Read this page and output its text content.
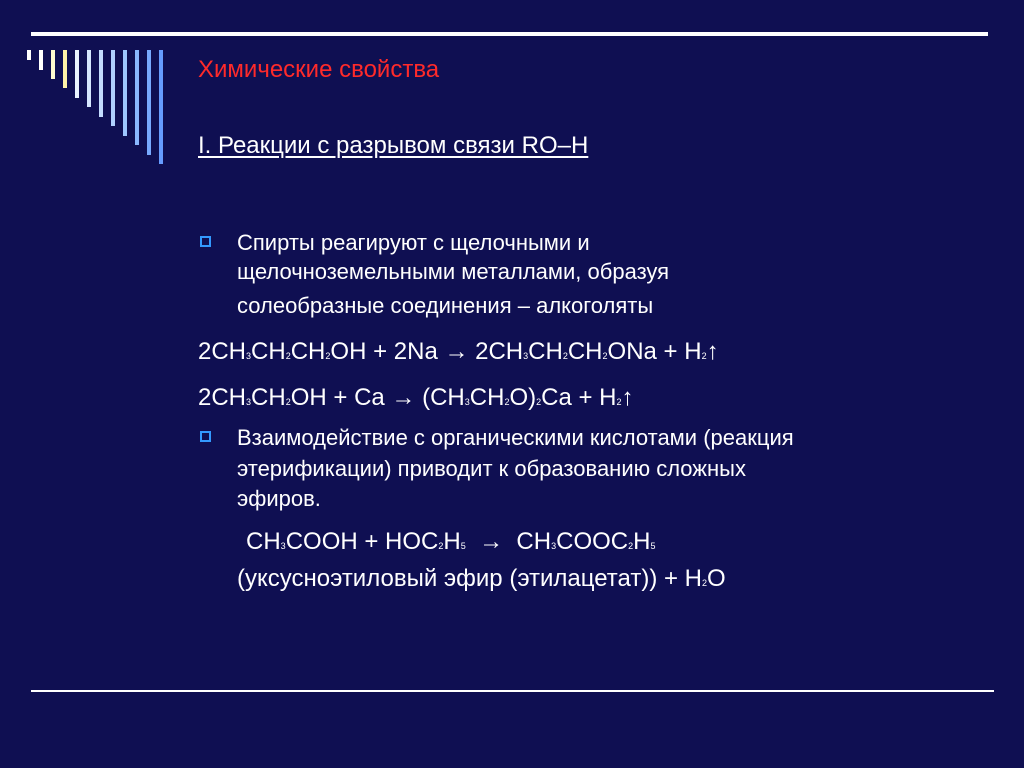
Химические свойства
I. Реакции с разрывом связи RO–H
Спирты реагируют с щелочными и
щелочноземельными металлами, образуя
солеобразные соединения – алкоголяты
2CH3CH2CH2OH + 2Na → 2CH3CH2CH2ONa + H2↑
2CH3CH2OH + Ca → (CH3CH2O)2Ca + H2↑
Взаимодействие с органическими кислотами (реакция
этерификации) приводит к образованию сложных
эфиров.
CH3COOH + HOC2H5  →  CH3COOC2H5
(уксусноэтиловый эфир (этилацетат)) + H2O
